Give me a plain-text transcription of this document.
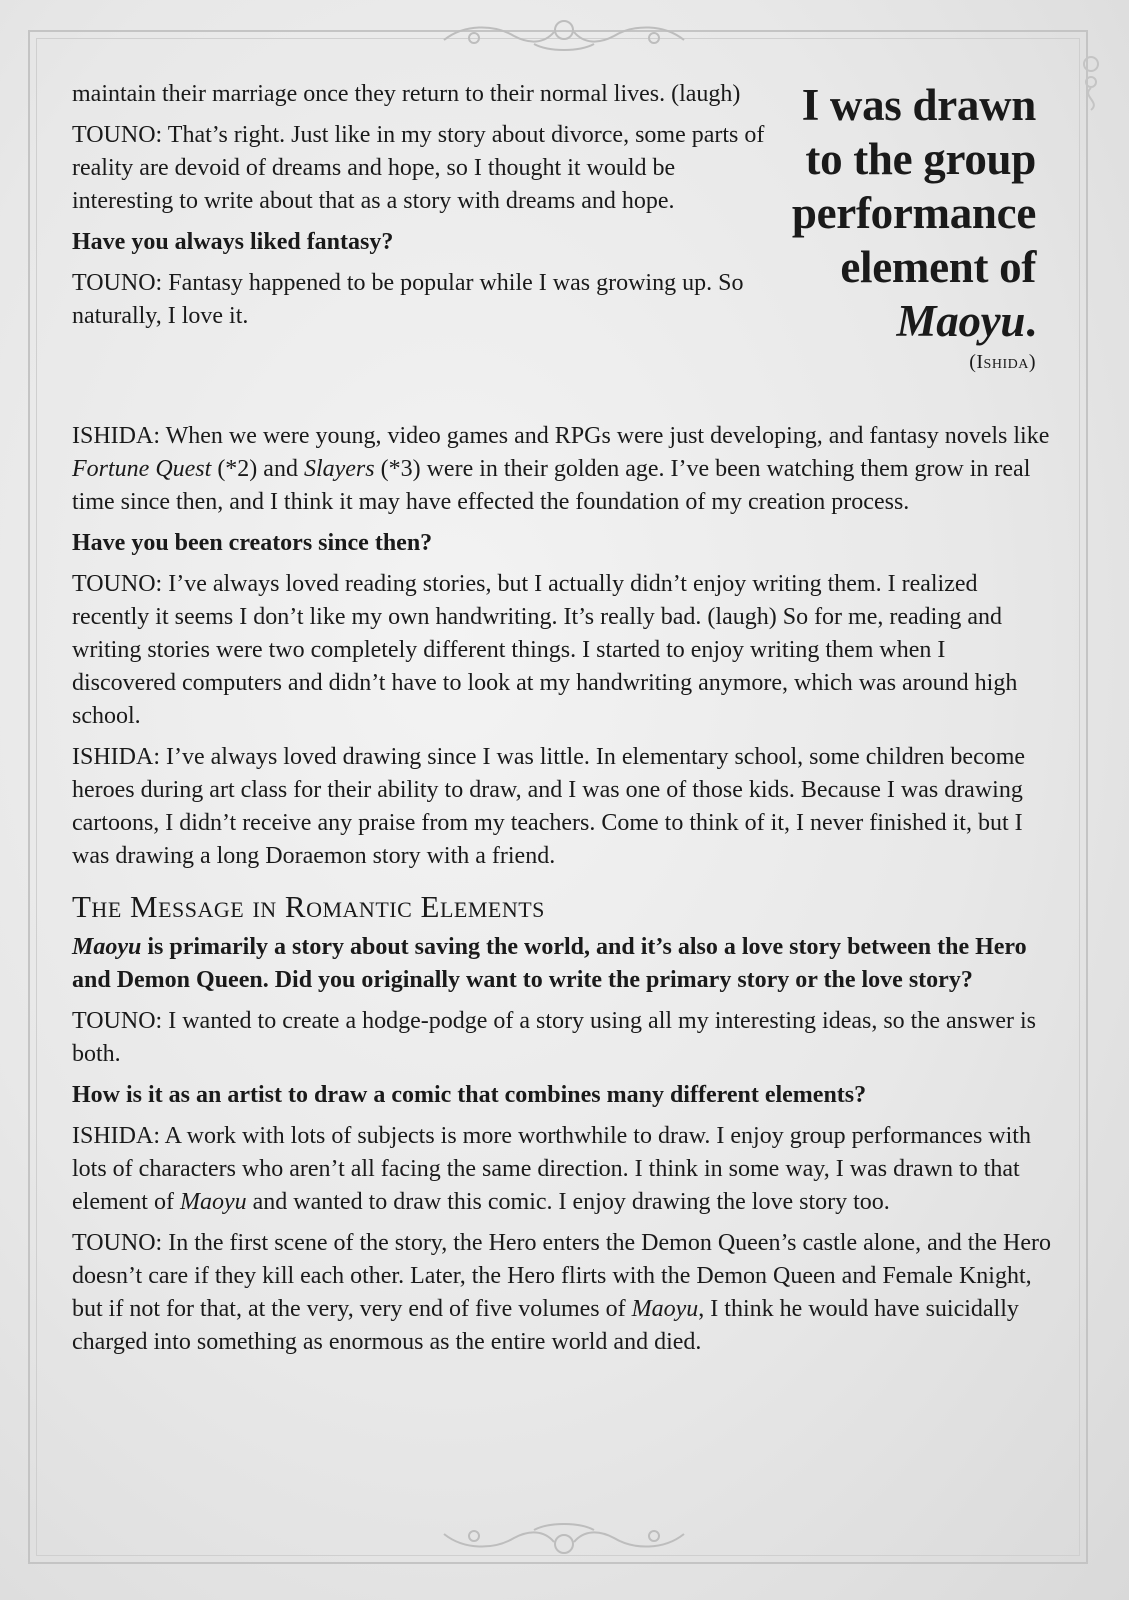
maintain their marriage once they return to their normal lives. (laugh)

TOUNO: That’s right. Just like in my story about divorce, some parts of reality are devoid of dreams and hope, so I thought it would be interesting to write about that as a story with dreams and hope.

Have you always liked fantasy?

TOUNO: Fantasy happened to be popular while I was growing up. So naturally, I love it.

I was drawn
to the group
performance
element of
Maoyu.
(Ishida)

ISHIDA: When we were young, video games and RPGs were just developing, and fantasy novels like Fortune Quest (*2) and Slayers (*3) were in their golden age. I’ve been watching them grow in real time since then, and I think it may have effected the foundation of my creation process.

Have you been creators since then?

TOUNO: I’ve always loved reading stories, but I actually didn’t enjoy writing them. I realized recently it seems I don’t like my own handwriting. It’s really bad. (laugh) So for me, reading and writing stories were two completely different things. I started to enjoy writing them when I discovered computers and didn’t have to look at my handwriting anymore, which was around high school.

ISHIDA: I’ve always loved drawing since I was little. In elementary school, some children become heroes during art class for their ability to draw, and I was one of those kids. Because I was drawing cartoons, I didn’t receive any praise from my teachers. Come to think of it, I never finished it, but I was drawing a long Doraemon story with a friend.

The Message in Romantic Elements

Maoyu is primarily a story about saving the world, and it’s also a love story between the Hero and Demon Queen. Did you originally want to write the primary story or the love story?

TOUNO: I wanted to create a hodge-podge of a story using all my interesting ideas, so the answer is both.

How is it as an artist to draw a comic that combines many different elements?

ISHIDA: A work with lots of subjects is more worthwhile to draw. I enjoy group performances with lots of characters who aren’t all facing the same direction. I think in some way, I was drawn to that element of Maoyu and wanted to draw this comic. I enjoy drawing the love story too.

TOUNO: In the first scene of the story, the Hero enters the Demon Queen’s castle alone, and the Hero doesn’t care if they kill each other. Later, the Hero flirts with the Demon Queen and Female Knight, but if not for that, at the very, very end of five volumes of Maoyu, I think he would have suicidally charged into something as enormous as the entire world and died.
